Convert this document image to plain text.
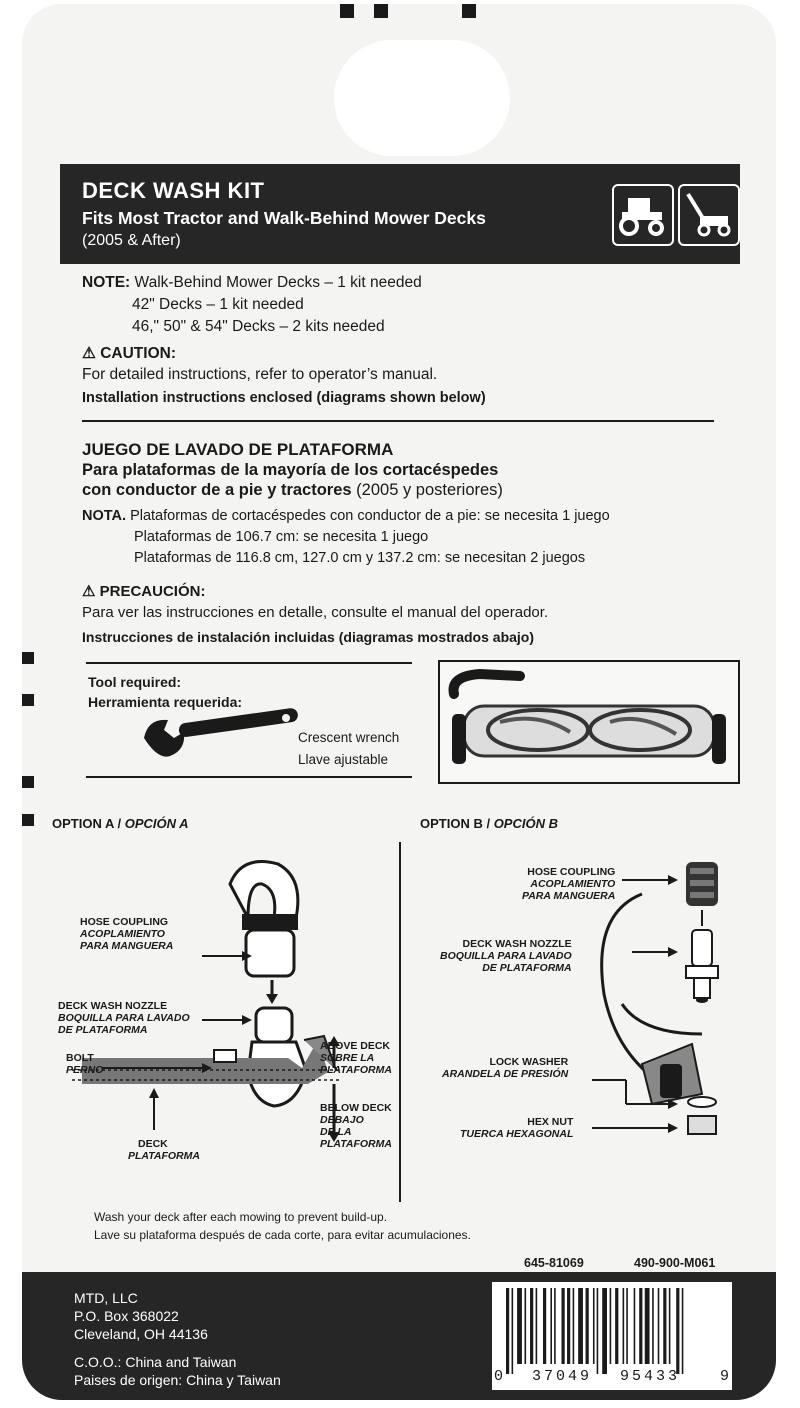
DECK WASH KIT
Fits Most Tractor and Walk-Behind Mower Decks
(2005 & After)
NOTE: Walk-Behind Mower Decks – 1 kit needed
42" Decks – 1 kit needed
46," 50" & 54" Decks – 2 kits needed
⚠ CAUTION:
For detailed instructions, refer to operator’s manual.
Installation instructions enclosed (diagrams shown below)
JUEGO DE LAVADO DE PLATAFORMA
Para plataformas de la mayoría de los cortacéspedes
con conductor de a pie y tractores (2005 y posteriores)
NOTA. Plataformas de cortacéspedes con conductor de a pie: se necesita 1 juego
Plataformas de 106.7 cm: se necesita 1 juego
Plataformas de 116.8 cm, 127.0 cm y 137.2 cm: se necesitan 2 juegos
⚠ PRECAUCIÓN:
Para ver las instrucciones en detalle, consulte el manual del operador.
Instrucciones de instalación incluidas (diagramas mostrados abajo)
Tool required:
Herramienta requerida:
Crescent wrench
Llave ajustable
OPTION A / OPCIÓN A
HOSE COUPLING
ACOPLAMIENTO
PARA MANGUERA
DECK WASH NOZZLE
BOQUILLA PARA LAVADO
DE PLATAFORMA
BOLT
PERNO
DECK
PLATAFORMA
ABOVE DECK
SOBRE LA
PLATAFORMA
BELOW DECK
DEBAJO
DE LA
PLATAFORMA
OPTION B / OPCIÓN B
HOSE COUPLING
ACOPLAMIENTO
PARA MANGUERA
DECK WASH NOZZLE
BOQUILLA PARA LAVADO
DE PLATAFORMA
LOCK WASHER
ARANDELA DE PRESIÓN
HEX NUT
TUERCA HEXAGONAL
Wash your deck after each mowing to prevent build-up.
Lave su plataforma después de cada corte, para evitar acumulaciones.
645-81069	490-900-M061
MTD, LLC
P.O. Box 368022
Cleveland, OH 44136
C.O.O.: China and Taiwan
Paises de origen: China y Taiwan	0 37049 95433	9
